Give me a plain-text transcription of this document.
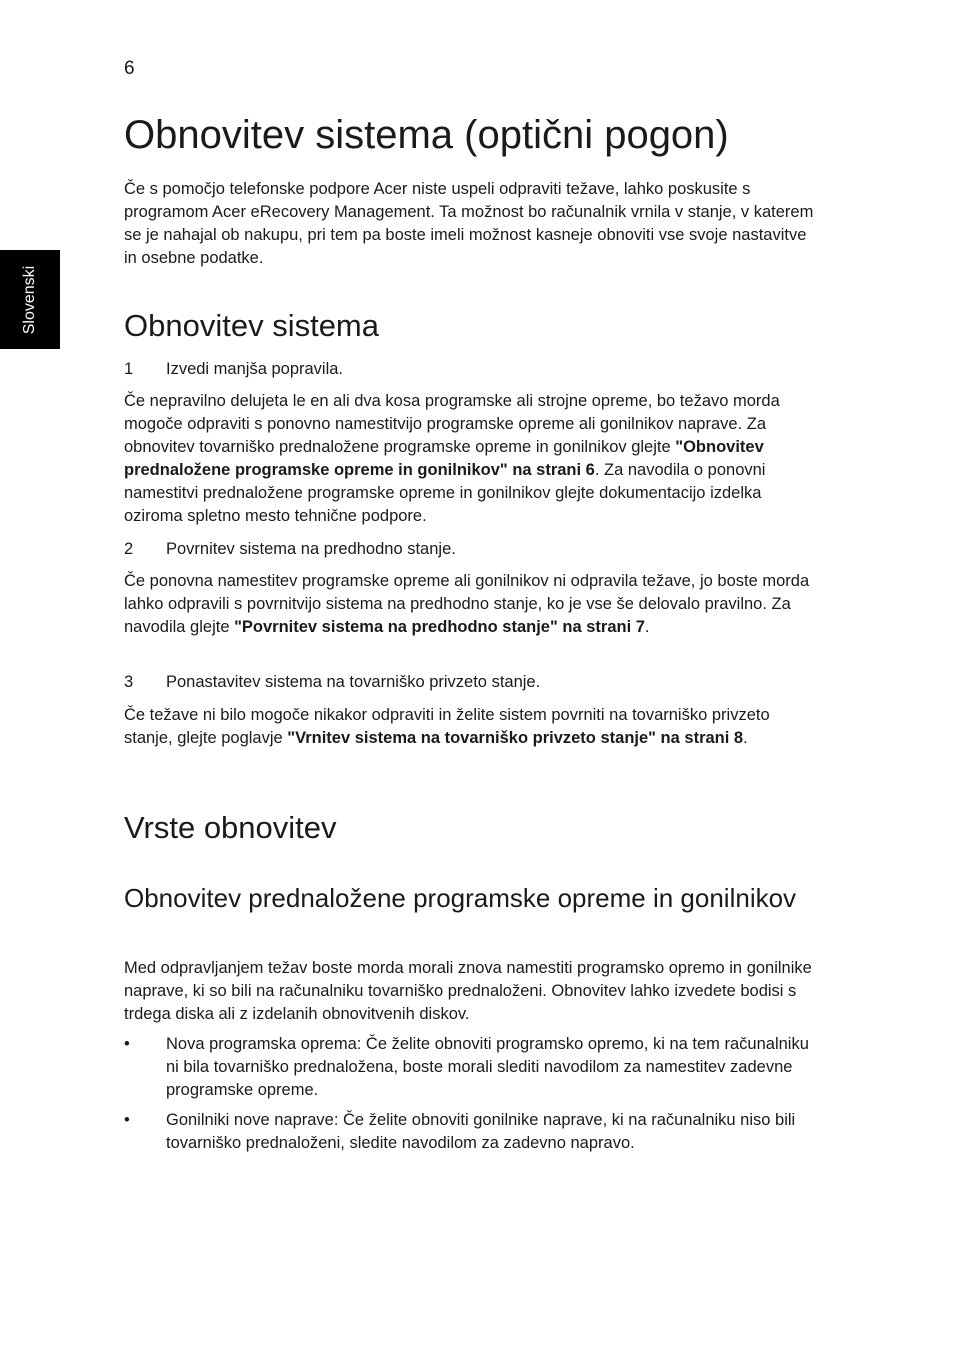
6
Slovenski
Obnovitev sistema (optični pogon)

Če s pomočjo telefonske podpore Acer niste uspeli odpraviti težave, lahko poskusite s programom Acer eRecovery Management. Ta možnost bo računalnik vrnila v stanje, v katerem se je nahajal ob nakupu, pri tem pa boste imeli možnost kasneje obnoviti vse svoje nastavitve in osebne podatke.

Obnovitev sistema
1 Izvedi manjša popravila.

Če nepravilno delujeta le en ali dva kosa programske ali strojne opreme, bo težavo morda mogoče odpraviti s ponovno namestitvijo programske opreme ali gonilnikov naprave. Za obnovitev tovarniško prednaložene programske opreme in gonilnikov glejte "Obnovitev prednaložene programske opreme in gonilnikov" na strani 6. Za navodila o ponovni namestitvi prednaložene programske opreme in gonilnikov glejte dokumentacijo izdelka oziroma spletno mesto tehnične podpore.

2 Povrnitev sistema na predhodno stanje.

Če ponovna namestitev programske opreme ali gonilnikov ni odpravila težave, jo boste morda lahko odpravili s povrnitvijo sistema na predhodno stanje, ko je vse še delovalo pravilno. Za navodila glejte "Povrnitev sistema na predhodno stanje" na strani 7.

3 Ponastavitev sistema na tovarniško privzeto stanje.

Če težave ni bilo mogoče nikakor odpraviti in želite sistem povrniti na tovarniško privzeto stanje, glejte poglavje "Vrnitev sistema na tovarniško privzeto stanje" na strani 8.

Vrste obnovitev
Obnovitev prednaložene programske opreme in gonilnikov

Med odpravljanjem težav boste morda morali znova namestiti programsko opremo in gonilnike naprave, ki so bili na računalniku tovarniško prednaloženi. Obnovitev lahko izvedete bodisi s trdega diska ali z izdelanih obnovitvenih diskov.

• Nova programska oprema: Če želite obnoviti programsko opremo, ki na tem računalniku ni bila tovarniško prednaložena, boste morali slediti navodilom za namestitev zadevne programske opreme.
• Gonilniki nove naprave: Če želite obnoviti gonilnike naprave, ki na računalniku niso bili tovarniško prednaloženi, sledite navodilom za zadevno napravo.
